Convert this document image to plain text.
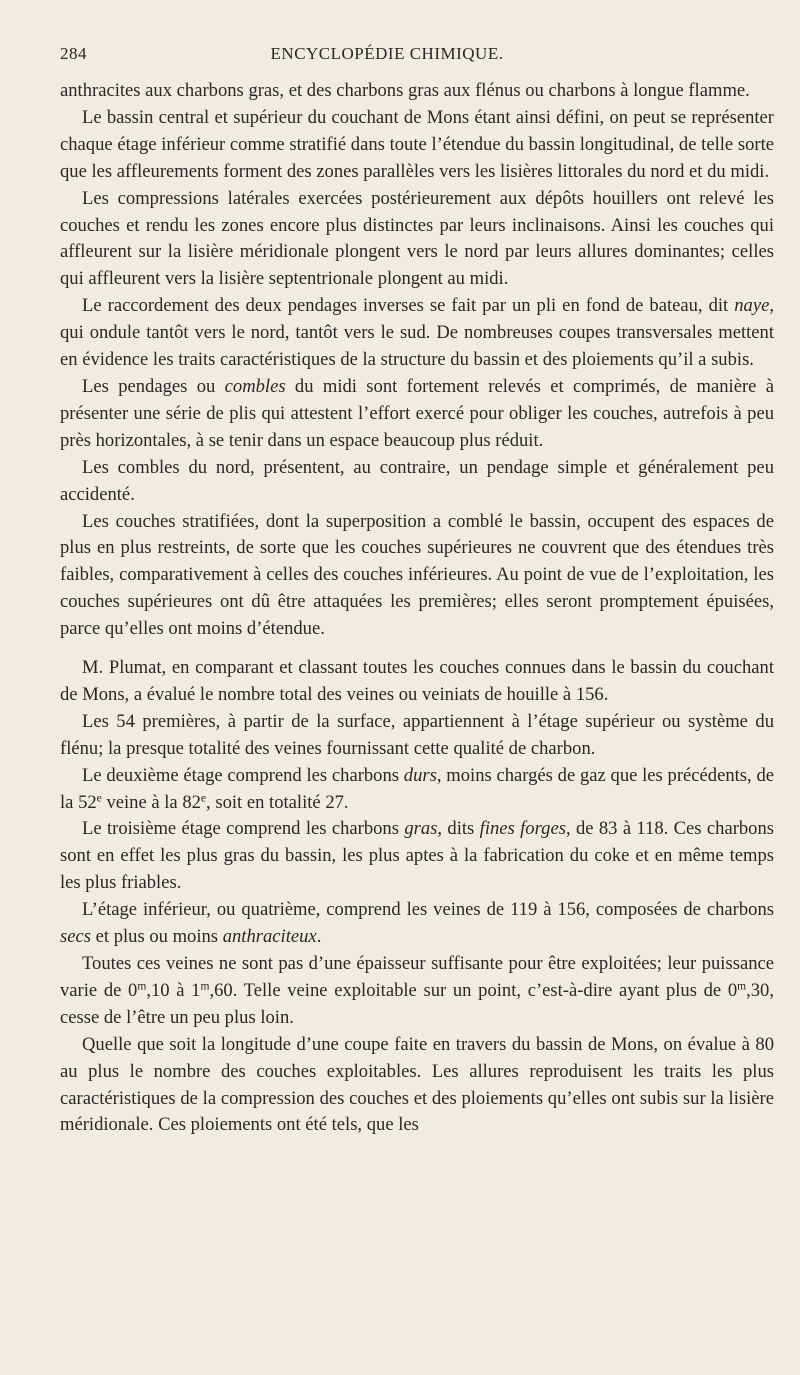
284	ENCYCLOPÉDIE CHIMIQUE.

anthracites aux charbons gras, et des charbons gras aux flénus ou charbons à longue flamme.

Le bassin central et supérieur du couchant de Mons étant ainsi défini, on peut se représenter chaque étage inférieur comme stratifié dans toute l’étendue du bassin longitudinal, de telle sorte que les affleurements forment des zones parallèles vers les lisières littorales du nord et du midi.

Les compressions latérales exercées postérieurement aux dépôts houillers ont relevé les couches et rendu les zones encore plus distinctes par leurs inclinaisons. Ainsi les couches qui affleurent sur la lisière méridionale plongent vers le nord par leurs allures dominantes; celles qui affleurent vers la lisière septentrionale plongent au midi.

Le raccordement des deux pendages inverses se fait par un pli en fond de bateau, dit naye, qui ondule tantôt vers le nord, tantôt vers le sud. De nombreuses coupes transversales mettent en évidence les traits caractéristiques de la structure du bassin et des ploiements qu’il a subis.

Les pendages ou combles du midi sont fortement relevés et comprimés, de manière à présenter une série de plis qui attestent l’effort exercé pour obliger les couches, autrefois à peu près horizontales, à se tenir dans un espace beaucoup plus réduit.

Les combles du nord, présentent, au contraire, un pendage simple et généralement peu accidenté.

Les couches stratifiées, dont la superposition a comblé le bassin, occupent des espaces de plus en plus restreints, de sorte que les couches supérieures ne couvrent que des étendues très faibles, comparativement à celles des couches inférieures. Au point de vue de l’exploitation, les couches supérieures ont dû être attaquées les premières; elles seront promptement épuisées, parce qu’elles ont moins d’étendue.

M. Plumat, en comparant et classant toutes les couches connues dans le bassin du couchant de Mons, a évalué le nombre total des veines ou veiniats de houille à 156.

Les 54 premières, à partir de la surface, appartiennent à l’étage supérieur ou système du flénu; la presque totalité des veines fournissant cette qualité de charbon.

Le deuxième étage comprend les charbons durs, moins chargés de gaz que les précédents, de la 52e veine à la 82e, soit en totalité 27.

Le troisième étage comprend les charbons gras, dits fines forges, de 83 à 118. Ces charbons sont en effet les plus gras du bassin, les plus aptes à la fabrication du coke et en même temps les plus friables.

L’étage inférieur, ou quatrième, comprend les veines de 119 à 156, composées de charbons secs et plus ou moins anthraciteux.

Toutes ces veines ne sont pas d’une épaisseur suffisante pour être exploitées; leur puissance varie de 0$^m$,10 à 1$^m$,60. Telle veine exploitable sur un point, c’est-à-dire ayant plus de 0$^m$,30, cesse de l’être un peu plus loin.

Quelle que soit la longitude d’une coupe faite en travers du bassin de Mons, on évalue à 80 au plus le nombre des couches exploitables. Les allures reproduisent les traits les plus caractéristiques de la compression des couches et des ploiements qu’elles ont subis sur la lisière méridionale. Ces ploiements ont été tels, que les
